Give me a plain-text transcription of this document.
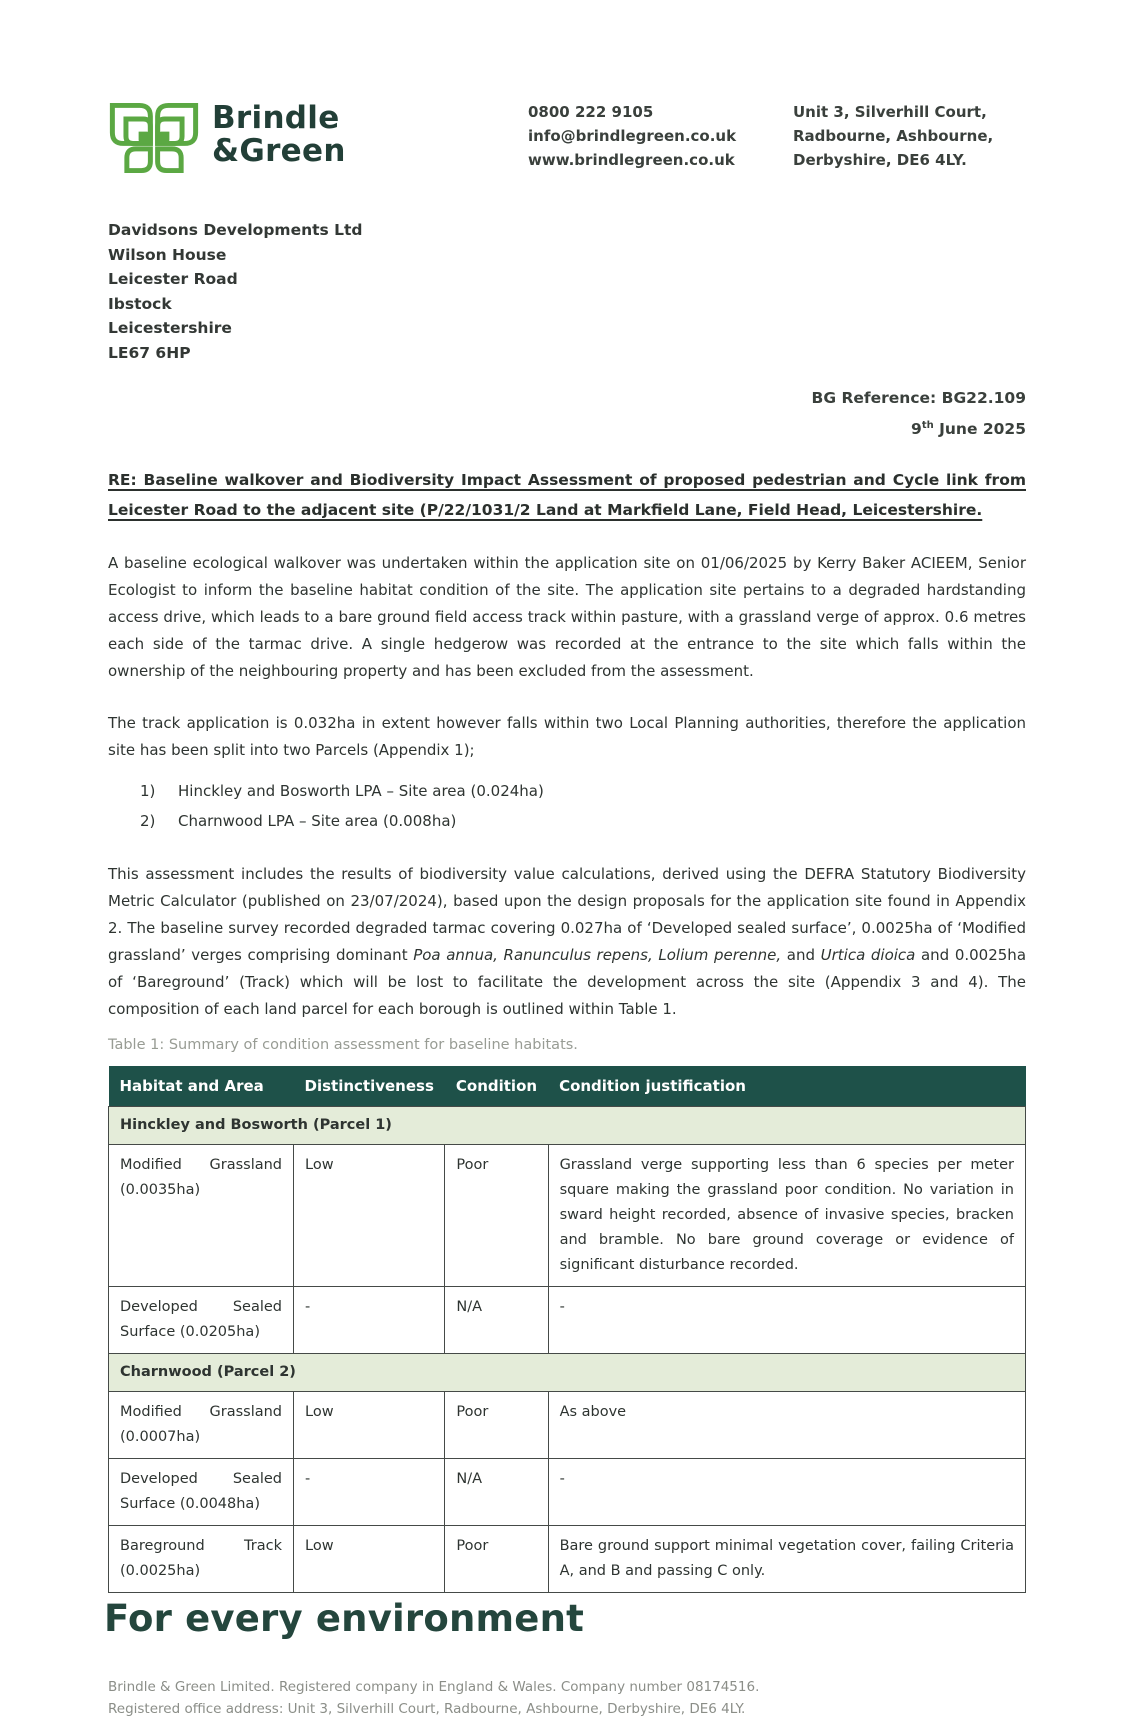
Brindle
&Green
0800 222 9105
info@brindlegreen.co.uk
www.brindlegreen.co.uk
Unit 3, Silverhill Court,
Radbourne, Ashbourne,
Derbyshire, DE6 4LY.
Davidsons Developments Ltd
Wilson House
Leicester Road
Ibstock
Leicestershire
LE67 6HP
BG Reference: BG22.109
9th June 2025
RE: Baseline walkover and Biodiversity Impact Assessment of proposed pedestrian and Cycle link from Leicester Road to the adjacent site (P/22/1031/2 Land at Markfield Lane, Field Head, Leicestershire.
A baseline ecological walkover was undertaken within the application site on 01/06/2025 by Kerry Baker ACIEEM, Senior Ecologist to inform the baseline habitat condition of the site. The application site pertains to a degraded hardstanding access drive, which leads to a bare ground field access track within pasture, with a grassland verge of approx. 0.6 metres each side of the tarmac drive. A single hedgerow was recorded at the entrance to the site which falls within the ownership of the neighbouring property and has been excluded from the assessment.
The track application is 0.032ha in extent however falls within two Local Planning authorities, therefore the application site has been split into two Parcels (Appendix 1);
1)	Hinckley and Bosworth LPA – Site area (0.024ha)
2)	Charnwood LPA – Site area (0.008ha)
This assessment includes the results of biodiversity value calculations, derived using the DEFRA Statutory Biodiversity Metric Calculator (published on 23/07/2024), based upon the design proposals for the application site found in Appendix 2. The baseline survey recorded degraded tarmac covering 0.027ha of ‘Developed sealed surface’, 0.0025ha of ‘Modified grassland’ verges comprising dominant Poa annua, Ranunculus repens, Lolium perenne, and Urtica dioica and 0.0025ha of ‘Bareground’ (Track) which will be lost to facilitate the development across the site (Appendix 3 and 4). The composition of each land parcel for each borough is outlined within Table 1.
Table 1: Summary of condition assessment for baseline habitats.
Habitat and Area	Distinctiveness	Condition	Condition justification
Hinckley and Bosworth (Parcel 1)			
Modified Grassland (0.0035ha)	Low	Poor	Grassland verge supporting less than 6 species per meter square making the grassland poor condition. No variation in sward height recorded, absence of invasive species, bracken and bramble. No bare ground coverage or evidence of significant disturbance recorded.
Developed Sealed Surface (0.0205ha)	-	N/A	-
Charnwood (Parcel 2)			
Modified Grassland (0.0007ha)	Low	Poor	As above
Developed Sealed Surface (0.0048ha)	-	N/A	-
Bareground Track (0.0025ha)	Low	Poor	Bare ground support minimal vegetation cover, failing Criteria A, and B and passing C only.
For every environment
Brindle & Green Limited. Registered company in England & Wales. Company number 08174516.
Registered office address: Unit 3, Silverhill Court, Radbourne, Ashbourne, Derbyshire, DE6 4LY.
